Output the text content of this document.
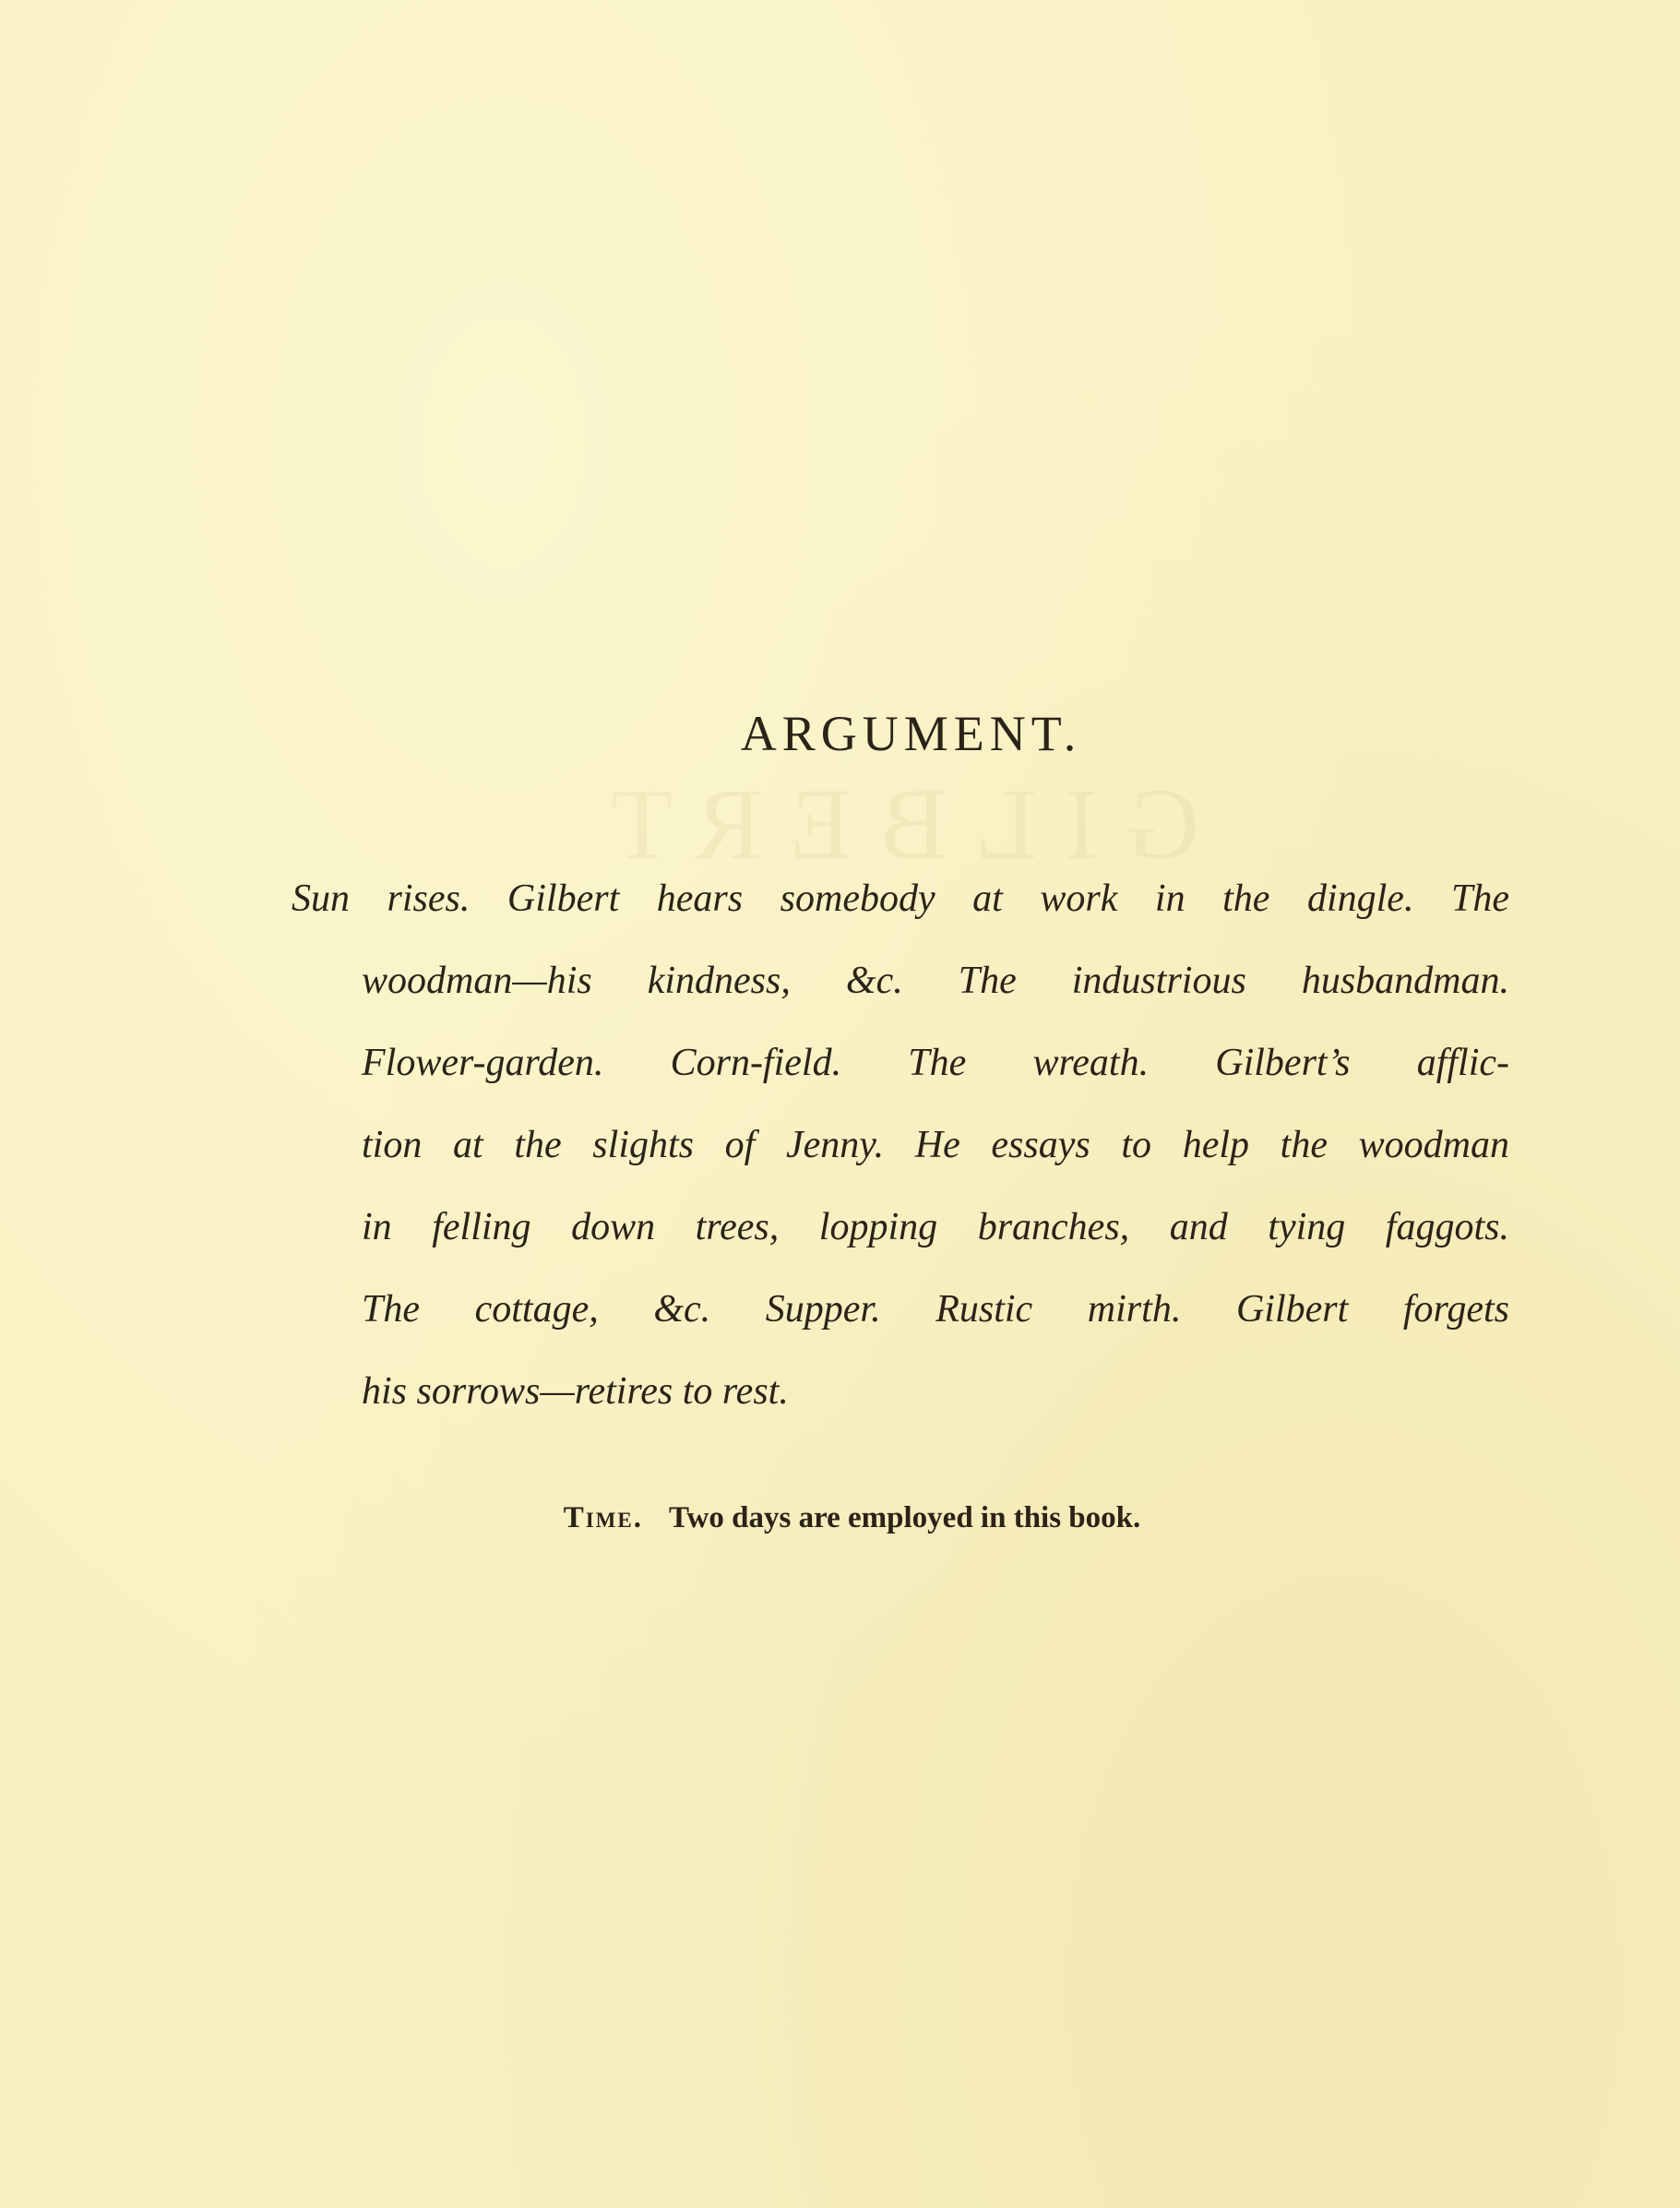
GILBERT
ARGUMENT.

Sun rises. Gilbert hears somebody at work in the dingle. The
woodman—his kindness, &c. The industrious husbandman.
Flower-garden. Corn-field. The wreath. Gilbert’s afflic-
tion at the slights of Jenny. He essays to help the woodman
in felling down trees, lopping branches, and tying faggots.
The cottage, &c. Supper. Rustic mirth. Gilbert forgets
his sorrows—retires to rest.

Time. Two days are employed in this book.
